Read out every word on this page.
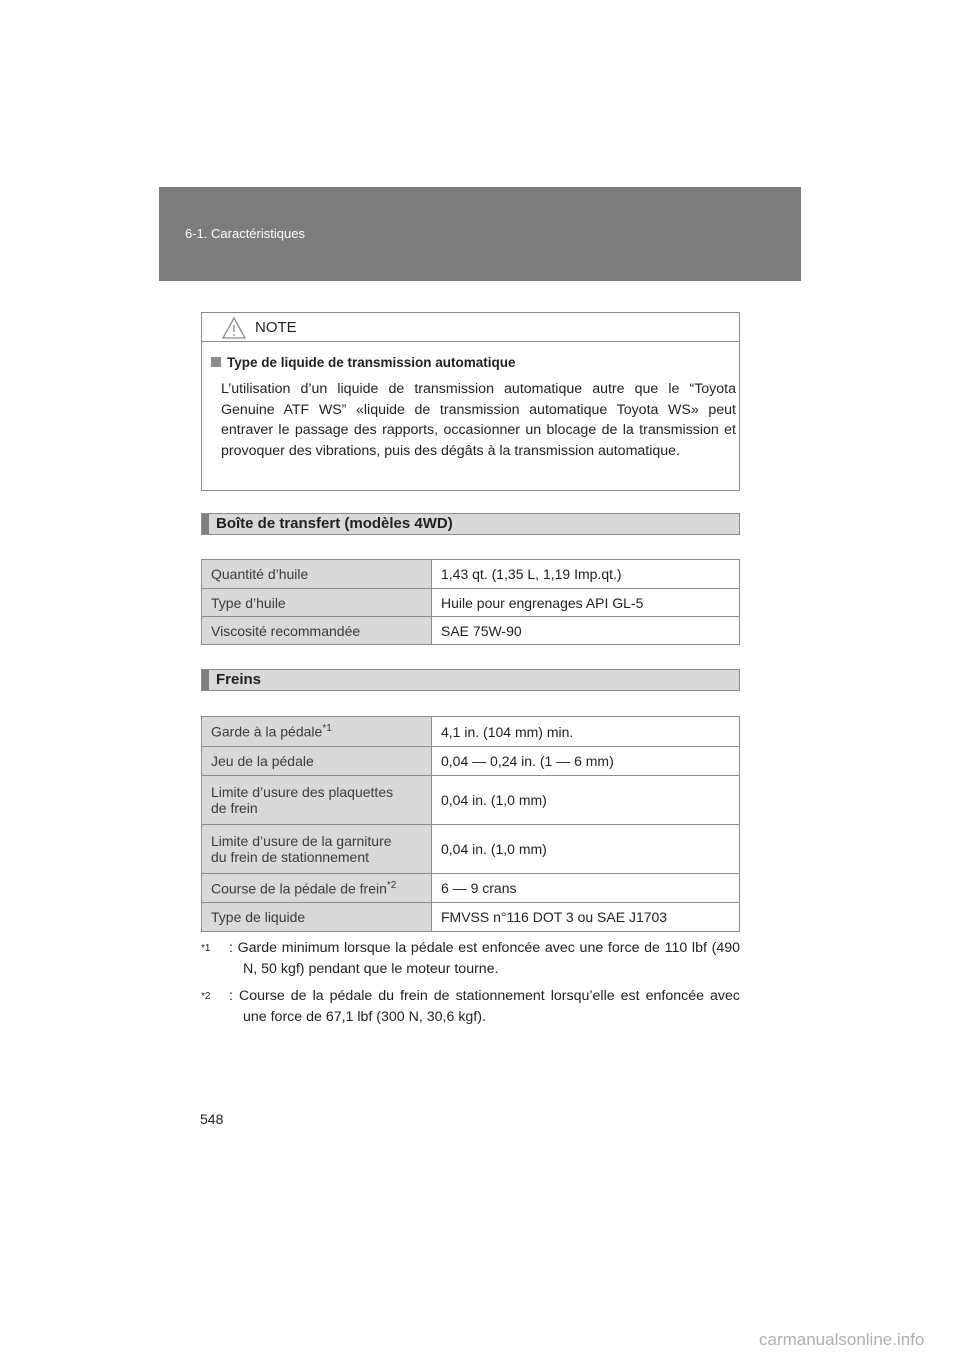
6-1. Caractéristiques
NOTE
Type de liquide de transmission automatique
L’utilisation d’un liquide de transmission automatique autre que le “Toyota Genuine ATF WS” «liquide de transmission automatique Toyota WS» peut entraver le passage des rapports, occasionner un blocage de la transmission et provoquer des vibrations, puis des dégâts à la transmission automatique.
Boîte de transfert (modèles 4WD)
Quantité d’huile	1,43 qt. (1,35 L, 1,19 Imp.qt.)
Type d’huile	Huile pour engrenages API GL-5
Viscosité recommandée	SAE 75W-90
Freins
Garde à la pédale$^{*1}$	4,1 in. (104 mm) min.
Jeu de la pédale	0,04 — 0,24 in. (1 — 6 mm)

Limite d’usure des plaquettes
de frein	0,04 in. (1,0 mm)

Limite d’usure de la garniture
du frein de stationnement	0,04 in. (1,0 mm)
Course de la pédale de frein$^{*2}$	6 — 9 crans
Type de liquide	FMVSS n°116 DOT 3 ou SAE J1703
$^{*1}$	: Garde minimum lorsque la pédale est enfoncée avec une force de 110 lbf (490 N, 50 kgf) pendant que le moteur tourne.
$^{*2}$	: Course de la pédale du frein de stationnement lorsqu’elle est enfoncée avec une force de 67,1 lbf (300 N, 30,6 kgf).
548
carmanualsonline.info
